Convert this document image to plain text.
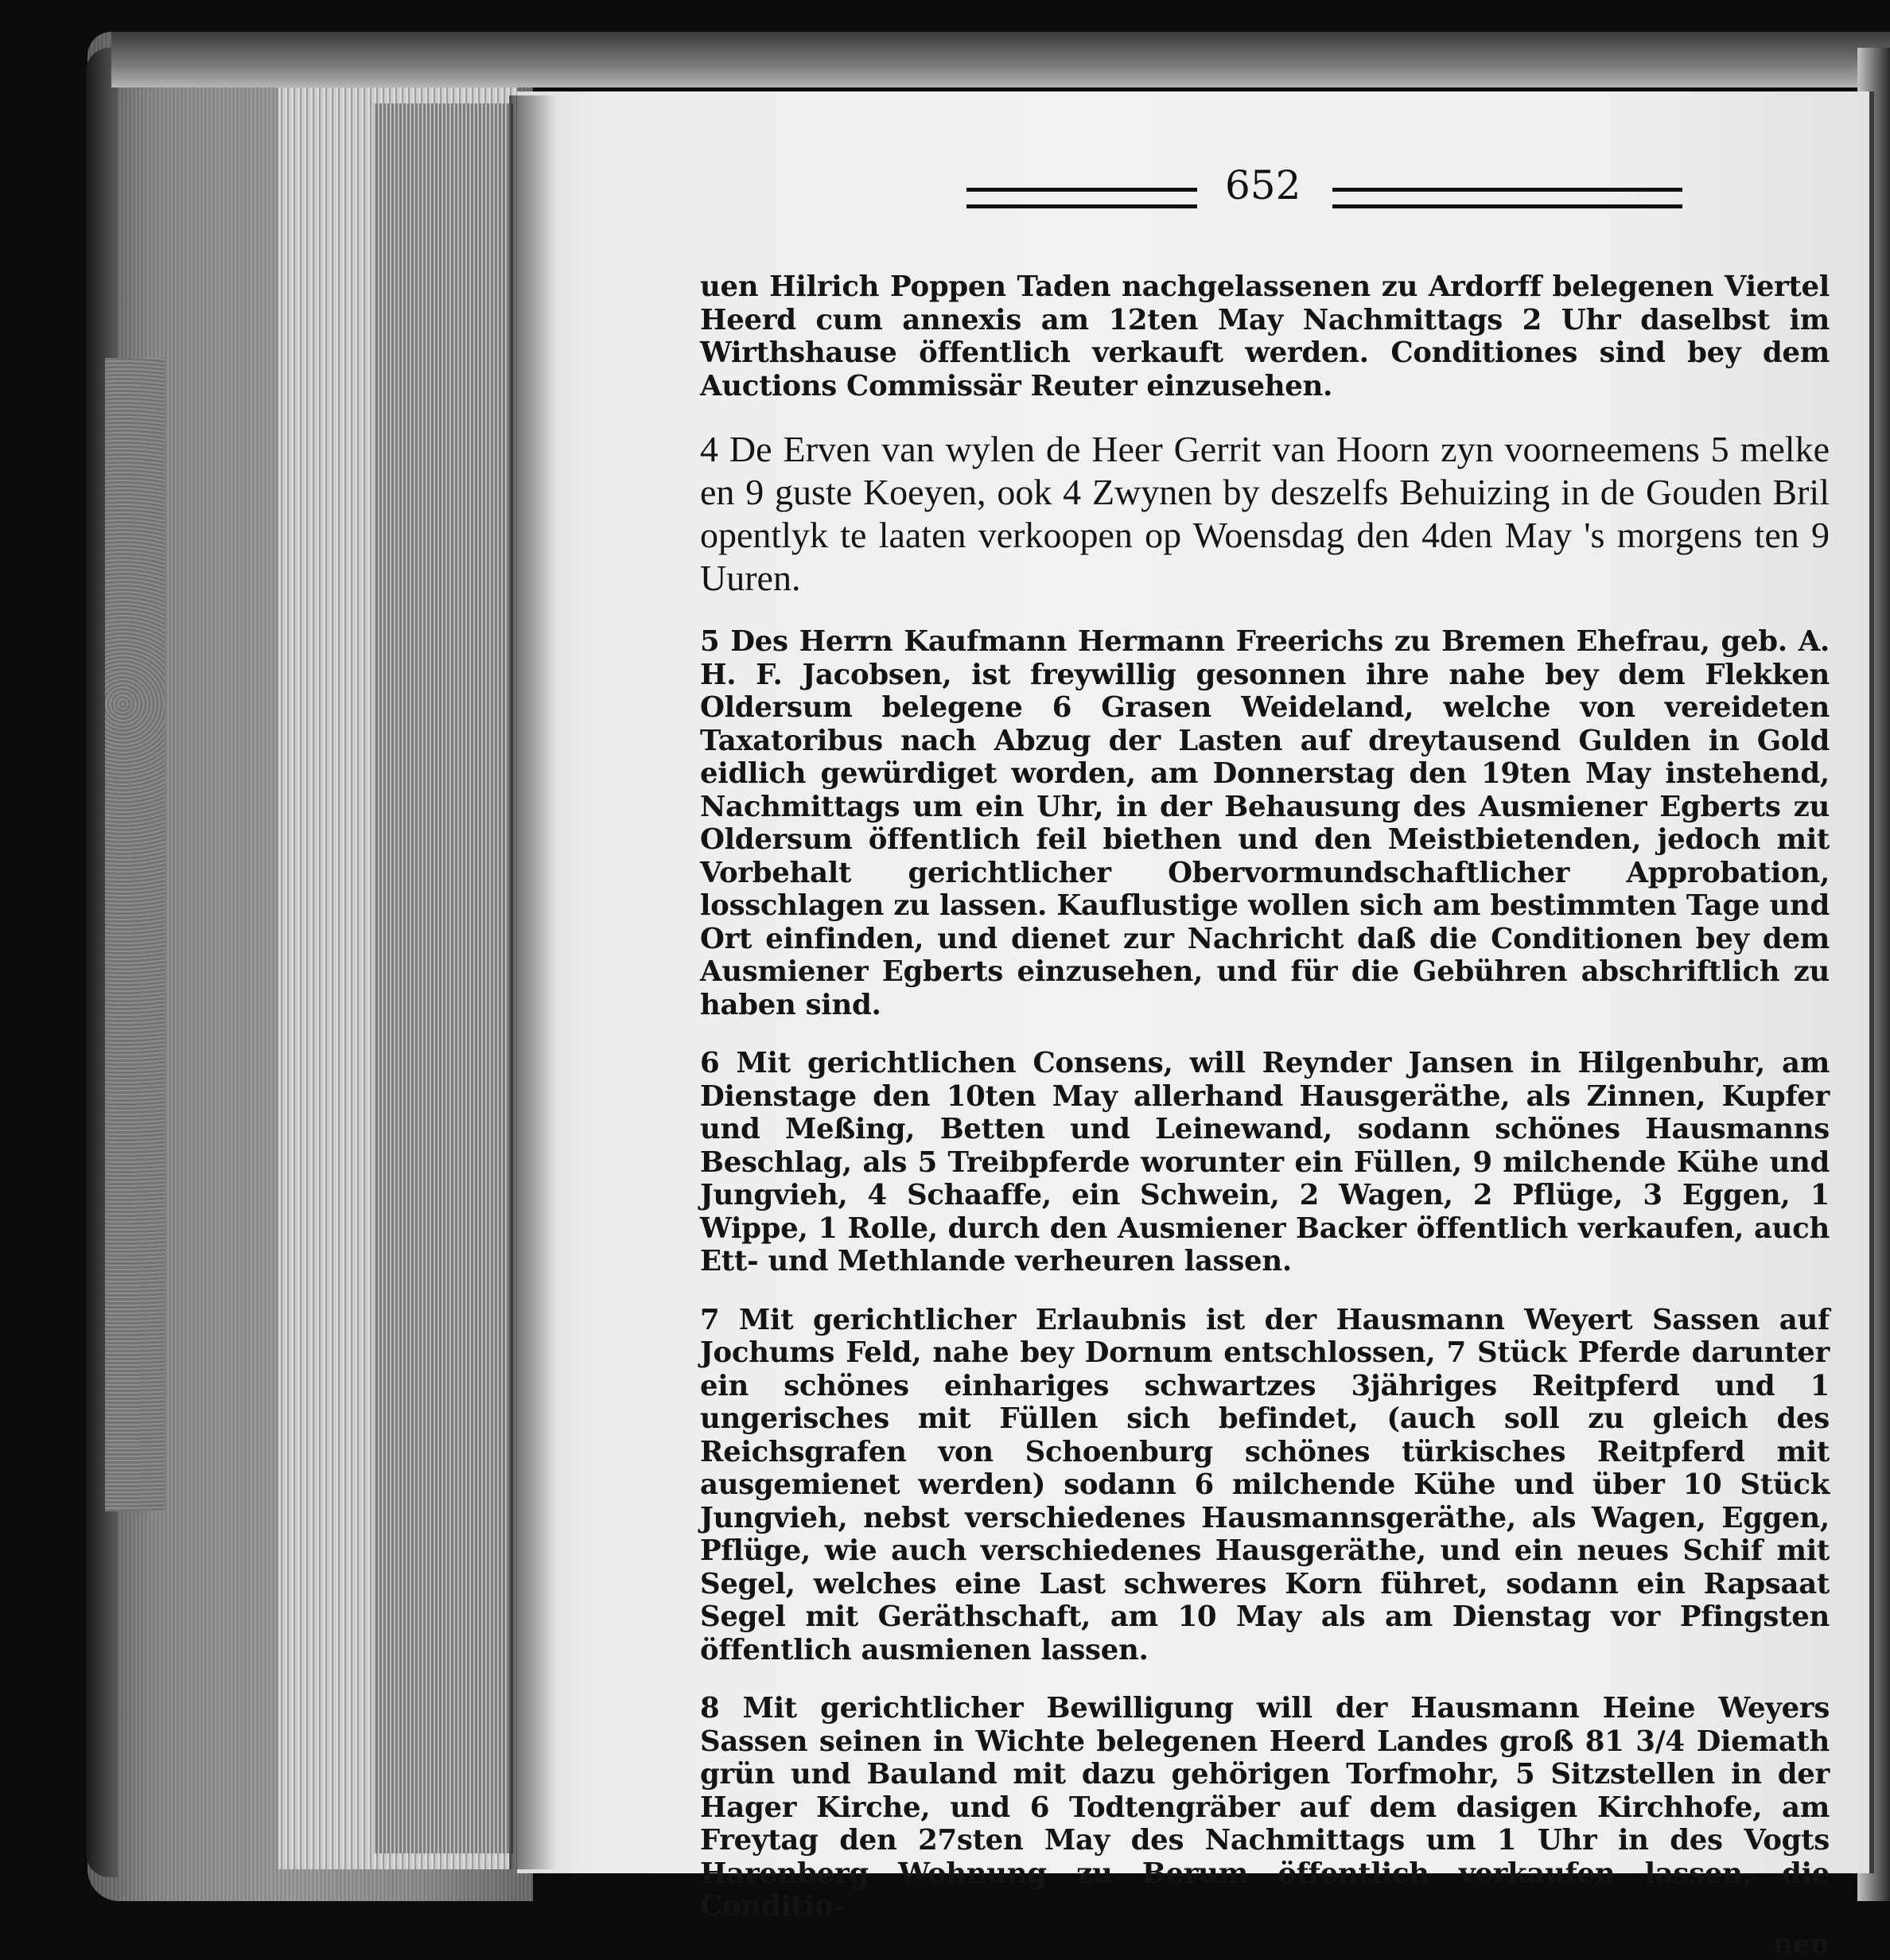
652

uen Hilrich Poppen Taden nachgelassenen zu Ardorff belegenen Viertel Heerd cum annexis am 12ten May Nachmittags 2 Uhr daselbst im Wirthshause öffentlich verkauft werden. Conditiones sind bey dem Auctions Commissär Reuter einzusehen.

4 De Erven van wylen de Heer Gerrit van Hoorn zyn voorneemens 5 melke en 9 guste Koeyen, ook 4 Zwynen by deszelfs Behuizing in de Gouden Bril opentlyk te laaten verkoopen op Woensdag den 4den May 's morgens ten 9 Uuren.

5 Des Herrn Kaufmann Hermann Freerichs zu Bremen Ehefrau, geb. A. H. F. Jacobsen, ist freywillig gesonnen ihre nahe bey dem Flekken Oldersum belegene 6 Grasen Weideland, welche von vereideten Taxatoribus nach Abzug der Lasten auf dreytausend Gulden in Gold eidlich gewürdiget worden, am Donnerstag den 19ten May instehend, Nachmittags um ein Uhr, in der Behausung des Ausmiener Egberts zu Oldersum öffentlich feil biethen und den Meistbietenden, jedoch mit Vorbehalt gerichtlicher Obervormundschaftlicher Approbation, losschlagen zu lassen. Kauflustige wollen sich am bestimmten Tage und Ort einfinden, und dienet zur Nachricht daß die Conditionen bey dem Ausmiener Egberts einzusehen, und für die Gebühren abschriftlich zu haben sind.

6 Mit gerichtlichen Consens, will Reynder Jansen in Hilgenbuhr, am Dienstage den 10ten May allerhand Hausgeräthe, als Zinnen, Kupfer und Meßing, Betten und Leinewand, sodann schönes Hausmanns Beschlag, als 5 Treibpferde worunter ein Füllen, 9 milchende Kühe und Jungvieh, 4 Schaaffe, ein Schwein, 2 Wagen, 2 Pflüge, 3 Eggen, 1 Wippe, 1 Rolle, durch den Ausmiener Backer öffentlich verkaufen, auch Ett- und Methlande verheuren lassen.

7 Mit gerichtlicher Erlaubnis ist der Hausmann Weyert Sassen auf Jochums Feld, nahe bey Dornum entschlossen, 7 Stück Pferde darunter ein schönes einhariges schwartzes 3jähriges Reitpferd und 1 ungerisches mit Füllen sich befindet, (auch soll zu gleich des Reichsgrafen von Schoenburg schönes türkisches Reitpferd mit ausgemienet werden) sodann 6 milchende Kühe und über 10 Stück Jungvieh, nebst verschiedenes Hausmannsgeräthe, als Wagen, Eggen, Pflüge, wie auch verschiedenes Hausgeräthe, und ein neues Schif mit Segel, welches eine Last schweres Korn führet, sodann ein Rapsaat Segel mit Geräthschaft, am 10 May als am Dienstag vor Pfingsten öffentlich ausmienen lassen.

8 Mit gerichtlicher Bewilligung will der Hausmann Heine Weyers Sassen seinen in Wichte belegenen Heerd Landes groß 81 3/4 Diemath grün und Bauland mit dazu gehörigen Torfmohr, 5 Sitzstellen in der Hager Kirche, und 6 Todtengräber auf dem dasigen Kirchhofe, am Freytag den 27sten May des Nachmittags um 1 Uhr in des Vogts Harenberg Wohnung zu Berum öffentlich verkaufen lassen, die Conditio-

nen
